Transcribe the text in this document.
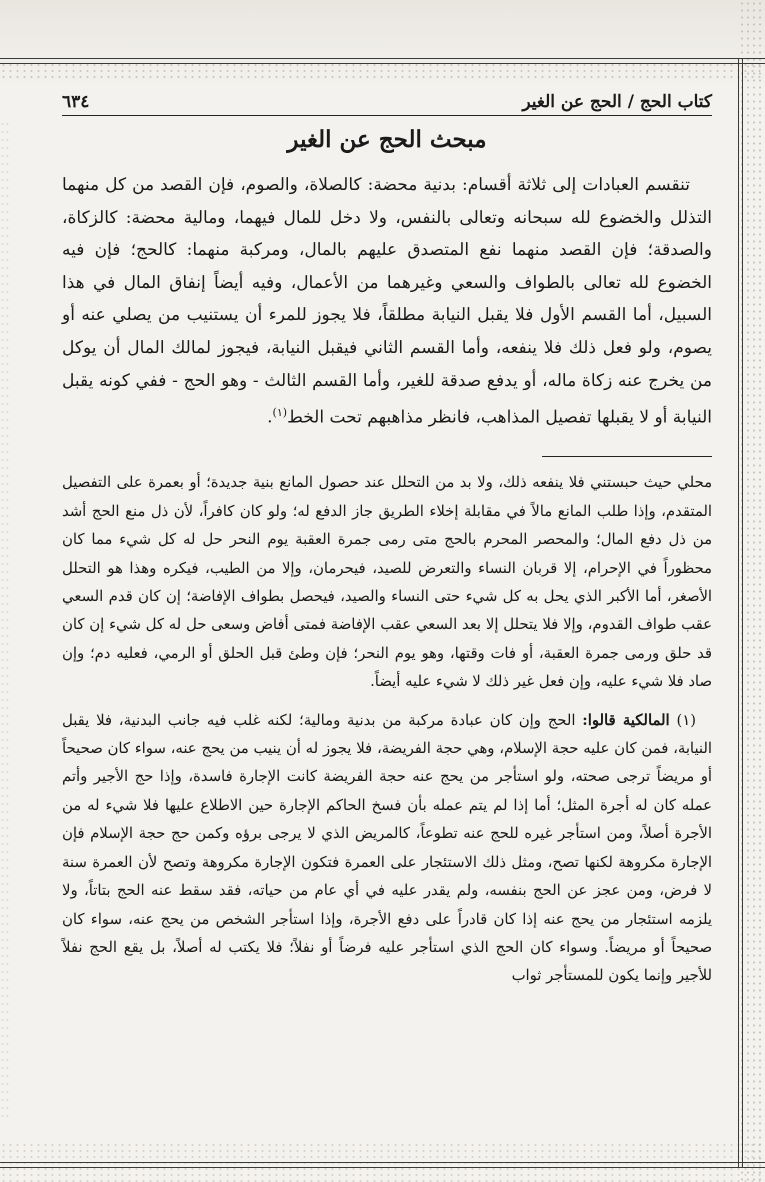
كتاب الحج / الحج عن الغير
٦٣٤
مبحث الحج عن الغير

تنقسم العبادات إلى ثلاثة أقسام: بدنية محضة: كالصلاة، والصوم، فإن القصد من كل منهما التذلل والخضوع لله سبحانه وتعالى بالنفس، ولا دخل للمال فيهما، ومالية محضة: كالزكاة، والصدقة؛ فإن القصد منهما نفع المتصدق عليهم بالمال، ومركبة منهما: كالحج؛ فإن فيه الخضوع لله تعالى بالطواف والسعي وغيرهما من الأعمال، وفيه أيضاً إنفاق المال في هذا السبيل، أما القسم الأول فلا يقبل النيابة مطلقاً، فلا يجوز للمرء أن يستنيب من يصلي عنه أو يصوم، ولو فعل ذلك فلا ينفعه، وأما القسم الثاني فيقبل النيابة، فيجوز لمالك المال أن يوكل من يخرج عنه زكاة ماله، أو يدفع صدقة للغير، وأما القسم الثالث - وهو الحج - ففي كونه يقبل النيابة أو لا يقبلها تفصيل المذاهب، فانظر مذاهبهم تحت الخط$^{(١)}$.

محلي حيث حبستني فلا ينفعه ذلك، ولا بد من التحلل عند حصول المانع بنية جديدة؛ أو بعمرة على التفصيل المتقدم، وإذا طلب المانع مالاً في مقابلة إخلاء الطريق جاز الدفع له؛ ولو كان كافراً، لأن ذل منع الحج أشد من ذل دفع المال؛ والمحصر المحرم بالحج متى رمى جمرة العقبة يوم النحر حل له كل شيء مما كان محظوراً في الإحرام، إلا قربان النساء والتعرض للصيد، فيحرمان، وإلا من الطيب، فيكره وهذا هو التحلل الأصغر، أما الأكبر الذي يحل به كل شيء حتى النساء والصيد، فيحصل بطواف الإفاضة؛ إن كان قدم السعي عقب طواف القدوم، وإلا فلا يتحلل إلا بعد السعي عقب الإفاضة فمتى أفاض وسعى حل له كل شيء إن كان قد حلق ورمى جمرة العقبة، أو فات وقتها، وهو يوم النحر؛ فإن وطئ قبل الحلق أو الرمي، فعليه دم؛ وإن صاد فلا شيء عليه، وإن فعل غير ذلك لا شيء عليه أيضاً.

(١) المالكية قالوا: الحج وإن كان عبادة مركبة من بدنية ومالية؛ لكنه غلب فيه جانب البدنية، فلا يقبل النيابة، فمن كان عليه حجة الإسلام، وهي حجة الفريضة، فلا يجوز له أن ينيب من يحج عنه، سواء كان صحيحاً أو مريضاً ترجى صحته، ولو استأجر من يحج عنه حجة الفريضة كانت الإجارة فاسدة، وإذا حج الأجير وأتم عمله كان له أجرة المثل؛ أما إذا لم يتم عمله بأن فسخ الحاكم الإجارة حين الاطلاع عليها فلا شيء له من الأجرة أصلاً، ومن استأجر غيره للحج عنه تطوعاً، كالمريض الذي لا يرجى برؤه وكمن حج حجة الإسلام فإن الإجارة مكروهة لكنها تصح، ومثل ذلك الاستئجار على العمرة فتكون الإجارة مكروهة وتصح لأن العمرة سنة لا فرض، ومن عجز عن الحج بنفسه، ولم يقدر عليه في أي عام من حياته، فقد سقط عنه الحج بتاتاً، ولا يلزمه استئجار من يحج عنه إذا كان قادراً على دفع الأجرة، وإذا استأجر الشخص من يحج عنه، سواء كان صحيحاً أو مريضاً. وسواء كان الحج الذي استأجر عليه فرضاً أو نفلاً؛ فلا يكتب له أصلاً، بل يقع الحج نفلاً للأجير وإنما يكون للمستأجر ثواب
